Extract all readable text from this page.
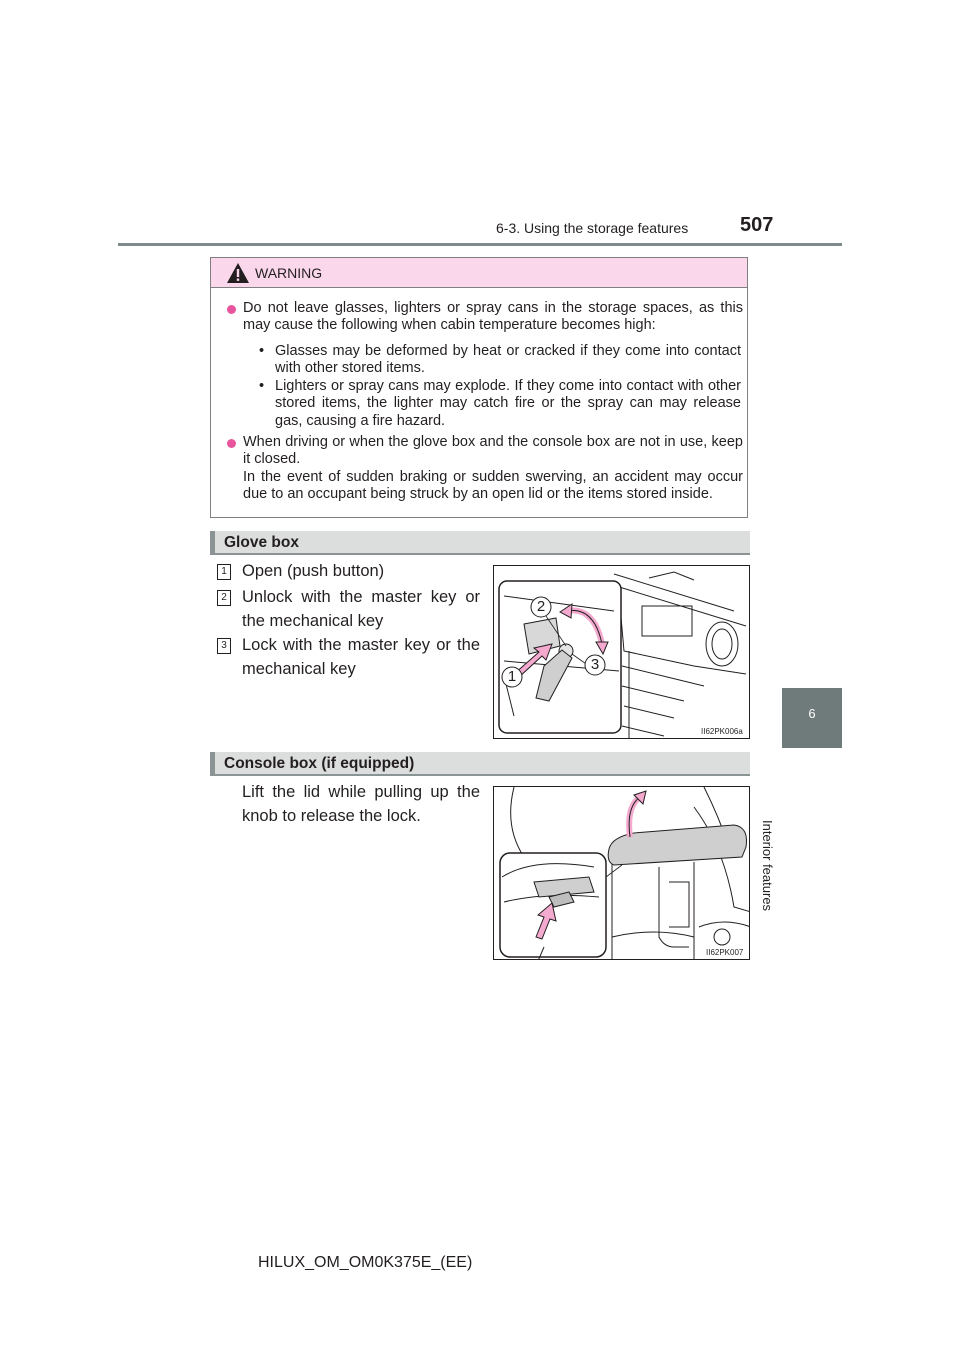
6-3. Using the storage features	507
6
Interior features
WARNING
Do not leave glasses, lighters or spray cans in the storage spaces, as this may cause the following when cabin temperature becomes high:
• Glasses may be deformed by heat or cracked if they come into contact with other stored items.
• Lighters or spray cans may explode. If they come into contact with other stored items, the lighter may catch fire or the spray can may release gas, causing a fire hazard.
When driving or when the glove box and the console box are not in use, keep it closed.
In the event of sudden braking or sudden swerving, an accident may occur due to an occupant being struck by an open lid or the items stored inside.
Glove box
1 Open (push button)
2 Unlock with the master key or the mechanical key
3 Lock with the master key or the mechanical key
2
3
1
II62PK006a
Console box (if equipped)
Lift the lid while pulling up the knob to release the lock.
II62PK007
HILUX_OM_OM0K375E_(EE)
